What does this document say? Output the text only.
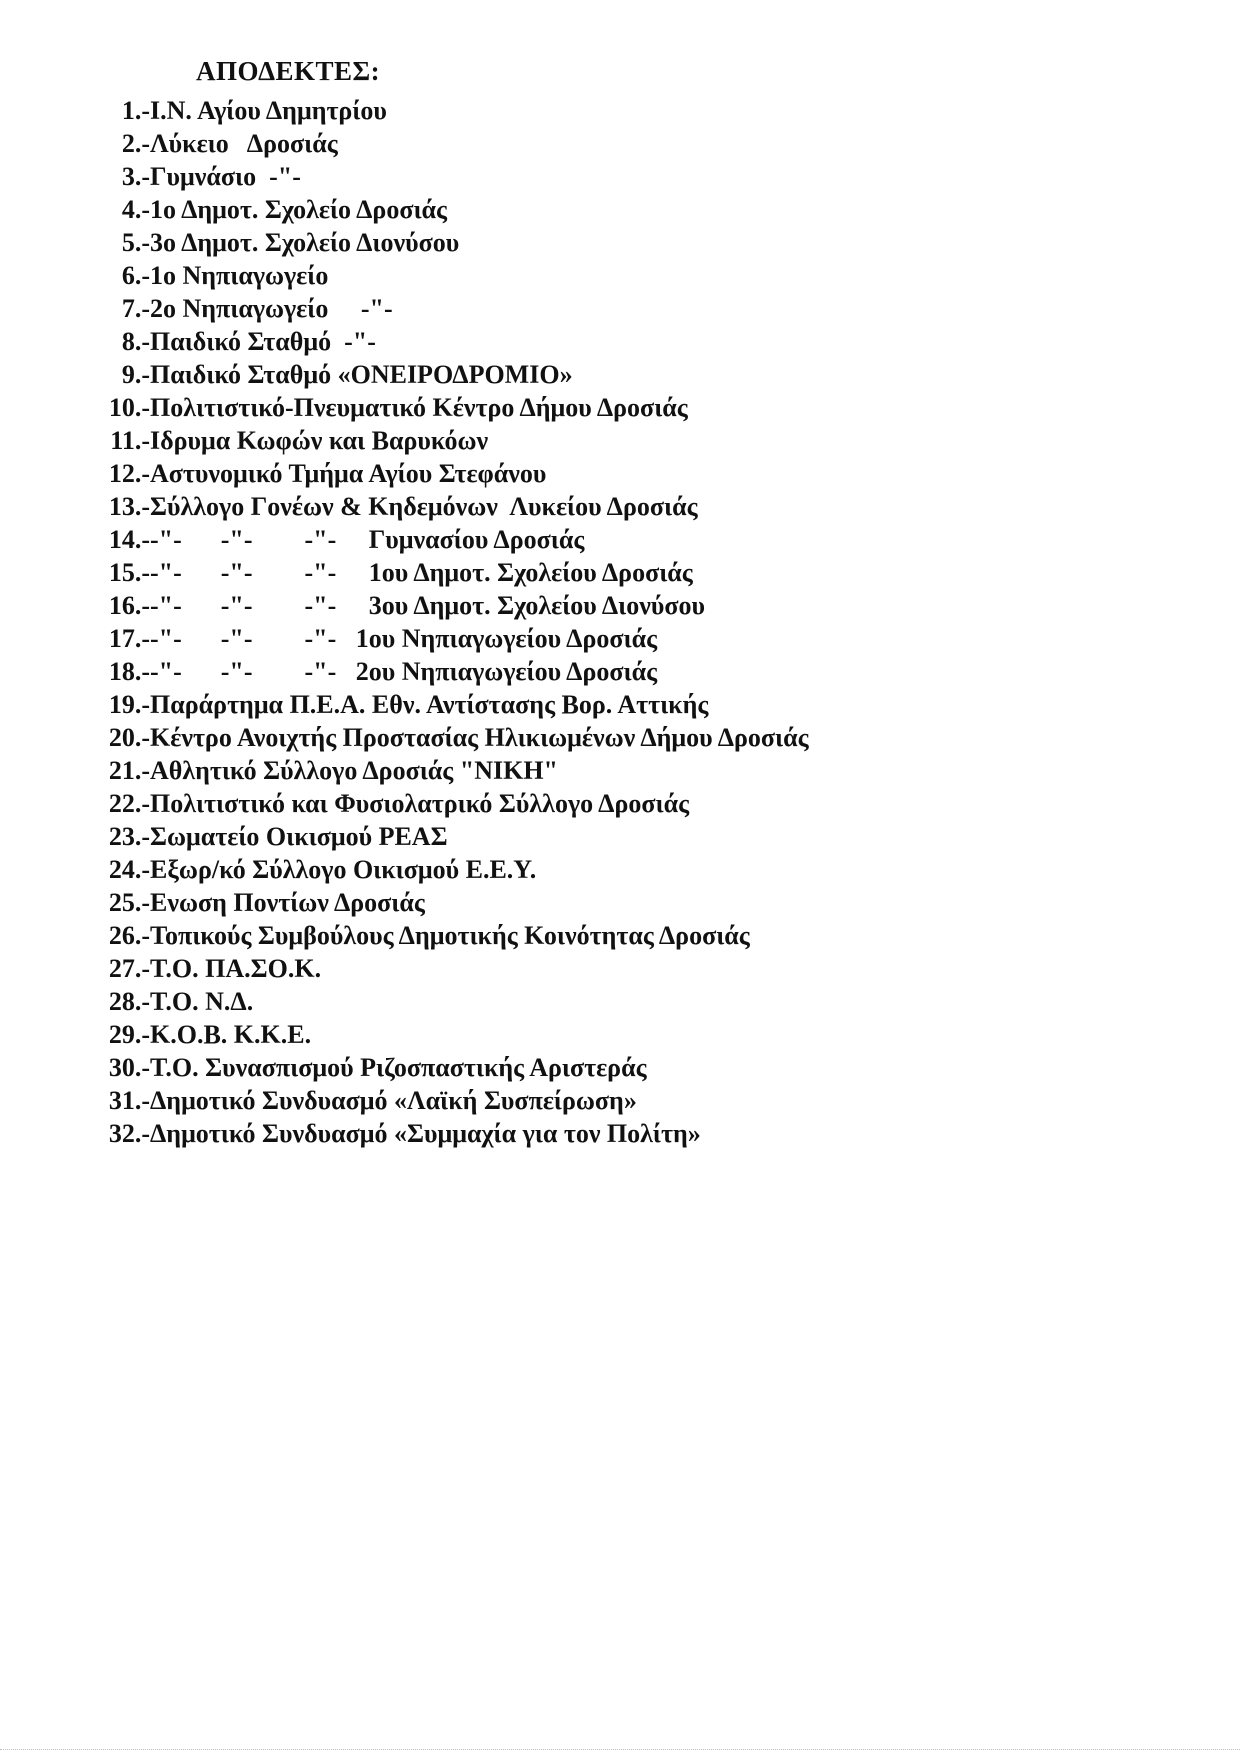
ΑΠΟΔΕΚΤΕΣ:
1.- Ι.Ν. Αγίου Δημητρίου
2.- Λύκειο   Δροσιάς
3.- Γυμνάσιο  -"-
4.- 1ο Δημοτ. Σχολείο Δροσιάς
5.- 3ο Δημοτ. Σχολείο Διονύσου
6.- 1ο Νηπιαγωγείο
7.- 2ο Νηπιαγωγείο     -"-
8.- Παιδικό Σταθμό  -"-
9.- Παιδικό Σταθμό «ΟΝΕΙΡΟΔΡΟΜΙΟ»
10.- Πολιτιστικό-Πνευματικό Κέντρο Δήμου Δροσιάς
11.- Ιδρυμα Κωφών και Βαρυκόων
12.- Αστυνομικό Τμήμα Αγίου Στεφάνου
13.- Σύλλογο Γονέων & Κηδεμόνων  Λυκείου Δροσιάς
14.- -"-      -"-        -"-     Γυμνασίου Δροσιάς
15.- -"-      -"-        -"-     1ου Δημοτ. Σχολείου Δροσιάς
16.- -"-      -"-        -"-     3ου Δημοτ. Σχολείου Διονύσου
17.- -"-      -"-        -"-   1ου Νηπιαγωγείου Δροσιάς
18.- -"-      -"-        -"-   2ου Νηπιαγωγείου Δροσιάς
19.- Παράρτημα Π.Ε.Α. Εθν. Αντίστασης Βορ. Αττικής
20.- Κέντρο Ανοιχτής Προστασίας Ηλικιωμένων Δήμου Δροσιάς
21.- Αθλητικό Σύλλογο Δροσιάς "ΝΙΚΗ"
22.- Πολιτιστικό και Φυσιολατρικό Σύλλογο Δροσιάς
23.- Σωματείο Οικισμού ΡΕΑΣ
24.- Εξωρ/κό Σύλλογο Οικισμού Ε.Ε.Υ.
25.- Ενωση Ποντίων Δροσιάς
26.- Τοπικούς Συμβούλους Δημοτικής Κοινότητας Δροσιάς
27.- Τ.Ο. ΠΑ.ΣΟ.Κ.
28.- Τ.Ο. Ν.Δ.
29.- Κ.Ο.Β. Κ.Κ.Ε.
30.- Τ.Ο. Συνασπισμού Ριζοσπαστικής Αριστεράς
31.- Δημοτικό Συνδυασμό «Λαϊκή Συσπείρωση»
32.- Δημοτικό Συνδυασμό «Συμμαχία για τον Πολίτη»
